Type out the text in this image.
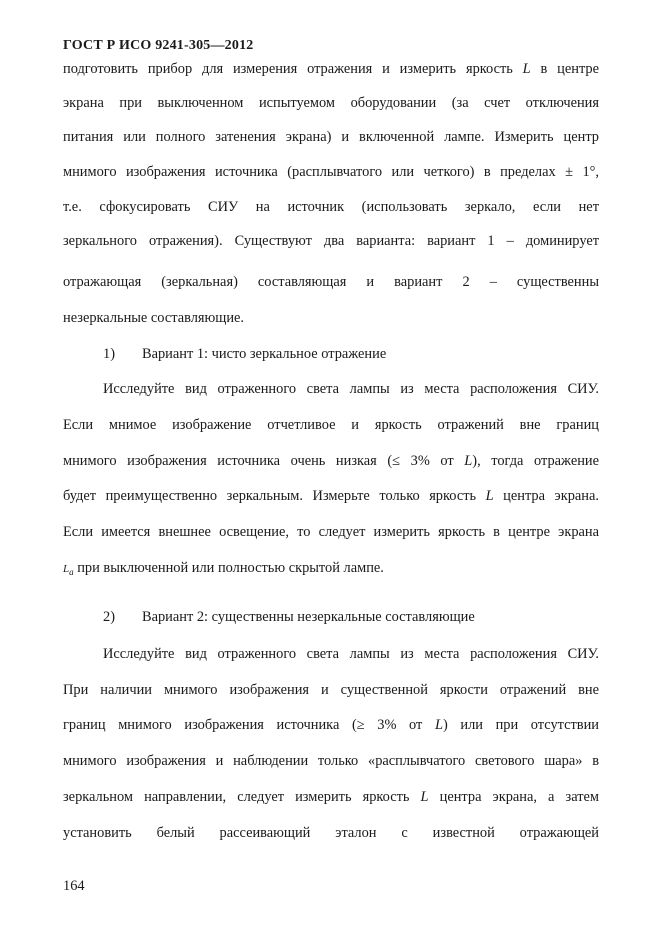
ГОСТ Р ИСО 9241-305—2012
подготовить прибор для измерения отражения и измерить яркость L в центре
экрана при выключенном испытуемом оборудовании (за счет отключения
питания или полного затенения экрана) и включенной лампе. Измерить центр
мнимого изображения источника (расплывчатого или четкого) в пределах ± 1°,
т.е. сфокусировать СИУ на источник (использовать зеркало, если нет
зеркального отражения). Существуют два варианта: вариант 1 – доминирует
отражающая (зеркальная) составляющая и вариант 2 – существенны
незеркальные составляющие.
1) Вариант 1: чисто зеркальное отражение
Исследуйте вид отраженного света лампы из места расположения СИУ.
Если мнимое изображение отчетливое и яркость отражений вне границ
мнимого изображения источника очень низкая (≤ 3% от L), тогда отражение
будет преимущественно зеркальным. Измерьте только яркость L центра экрана.
Если имеется внешнее освещение, то следует измерить яркость в центре экрана
$L_a$ при выключенной или полностью скрытой лампе.
2) Вариант 2: существенны незеркальные составляющие
Исследуйте вид отраженного света лампы из места расположения СИУ.
При наличии мнимого изображения и существенной яркости отражений вне
границ мнимого изображения источника (≥ 3% от L) или при отсутствии
мнимого изображения и наблюдении только «расплывчатого светового шара» в
зеркальном направлении, следует измерить яркость L центра экрана, а затем
установить белый рассеивающий эталон с известной отражающей
164
